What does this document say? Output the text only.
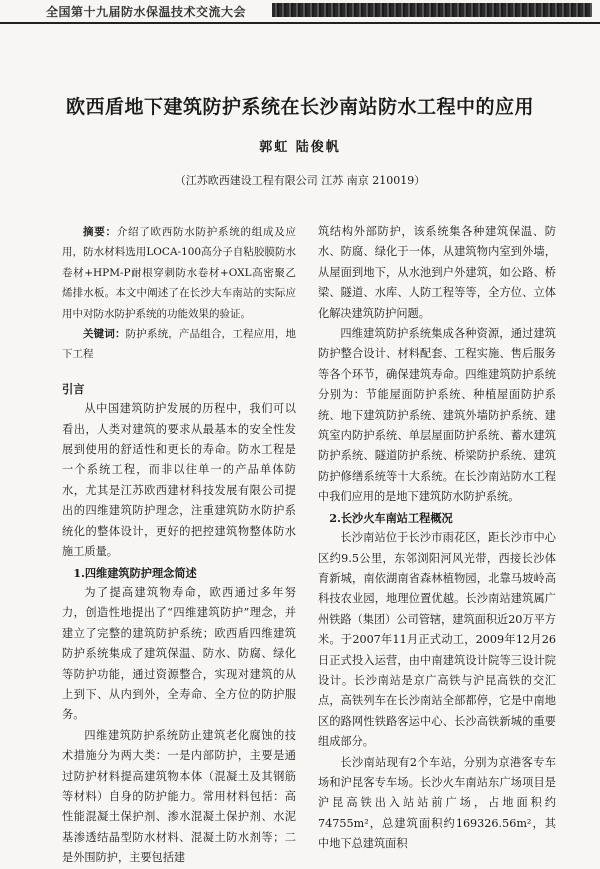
全国第十九届防水保温技术交流大会
欧西盾地下建筑防护系统在长沙南站防水工程中的应用
郭虹 陆俊帆
（江苏欧西建设工程有限公司 江苏 南京 210019）

摘要：介绍了欧西防水防护系统的组成及应用，防水材料选用LOCA-100高分子自粘胶膜防水卷材+HPM-P耐根穿刺防水卷材+OXL高密聚乙烯排水板。本文中阐述了在长沙大车南站的实际应用中对防水防护系统的功能效果的验证。

关键词：防护系统，产品组合，工程应用，地下工程

引言

从中国建筑防护发展的历程中，我们可以看出，人类对建筑的要求从最基本的安全性发展到使用的舒适性和更长的寿命。防水工程是一个系统工程，而非以往单一的产品单体防水，尤其是江苏欧西建材科技发展有限公司提出的四维建筑防护理念，注重建筑防水防护系统化的整体设计，更好的把控建筑物整体防水施工质量。

1.四维建筑防护理念简述

为了提高建筑物寿命，欧西通过多年努力，创造性地提出了“四维建筑防护”理念，并建立了完整的建筑防护系统；欧西盾四维建筑防护系统集成了建筑保温、防水、防腐、绿化等防护功能，通过资源整合，实现对建筑的从上到下、从内到外，全寿命、全方位的防护服务。

四维建筑防护系统防止建筑老化腐蚀的技术措施分为两大类：一是内部防护，主要是通过防护材料提高建筑物本体（混凝土及其钢筋等材料）自身的防护能力。常用材料包括：高性能混凝土保护剂、渗水混凝土保护剂、水泥基渗透结晶型防水材料、混凝土防水剂等；二是外围防护，主要包括建

筑结构外部防护，该系统集各种建筑保温、防水、防腐、绿化于一体，从建筑物内室到外墙，从屋面到地下，从水池到户外建筑，如公路、桥梁、隧道、水库、人防工程等等，全方位、立体化解决建筑防护问题。

四维建筑防护系统集成各种资源，通过建筑防护整合设计、材料配套、工程实施、售后服务等各个环节，确保建筑寿命。四维建筑防护系统分别为：节能屋面防护系统、种植屋面防护系统、地下建筑防护系统、建筑外墙防护系统、建筑室内防护系统、单层屋面防护系统、蓄水建筑防护系统、隧道防护系统、桥梁防护系统、建筑防护修缮系统等十大系统。在长沙南站防水工程中我们应用的是地下建筑防水防护系统。

2.长沙火车南站工程概况

长沙南站位于长沙市雨花区，距长沙市中心区约9.5公里，东邻浏阳河风光带，西接长沙体育新城，南依湖南省森林植物园，北靠马坡岭高科技农业园，地理位置优越。长沙南站建筑属广州铁路（集团）公司管辖，建筑面积近20万平方米。于2007年11月正式动工，2009年12月26日正式投入运营，由中南建筑设计院等三设计院设计。长沙南站是京广高铁与沪昆高铁的交汇点，高铁列车在长沙南站全部都停，它是中南地区的路网性铁路客运中心、长沙高铁新城的重要组成部分。

长沙南站现有2个车站，分别为京港客专车场和沪昆客专车场。长沙火车南站东广场项目是沪昆高铁出入站站前广场，占地面积约74755m²，总建筑面积约169326.56m²，其中地下总建筑面积
